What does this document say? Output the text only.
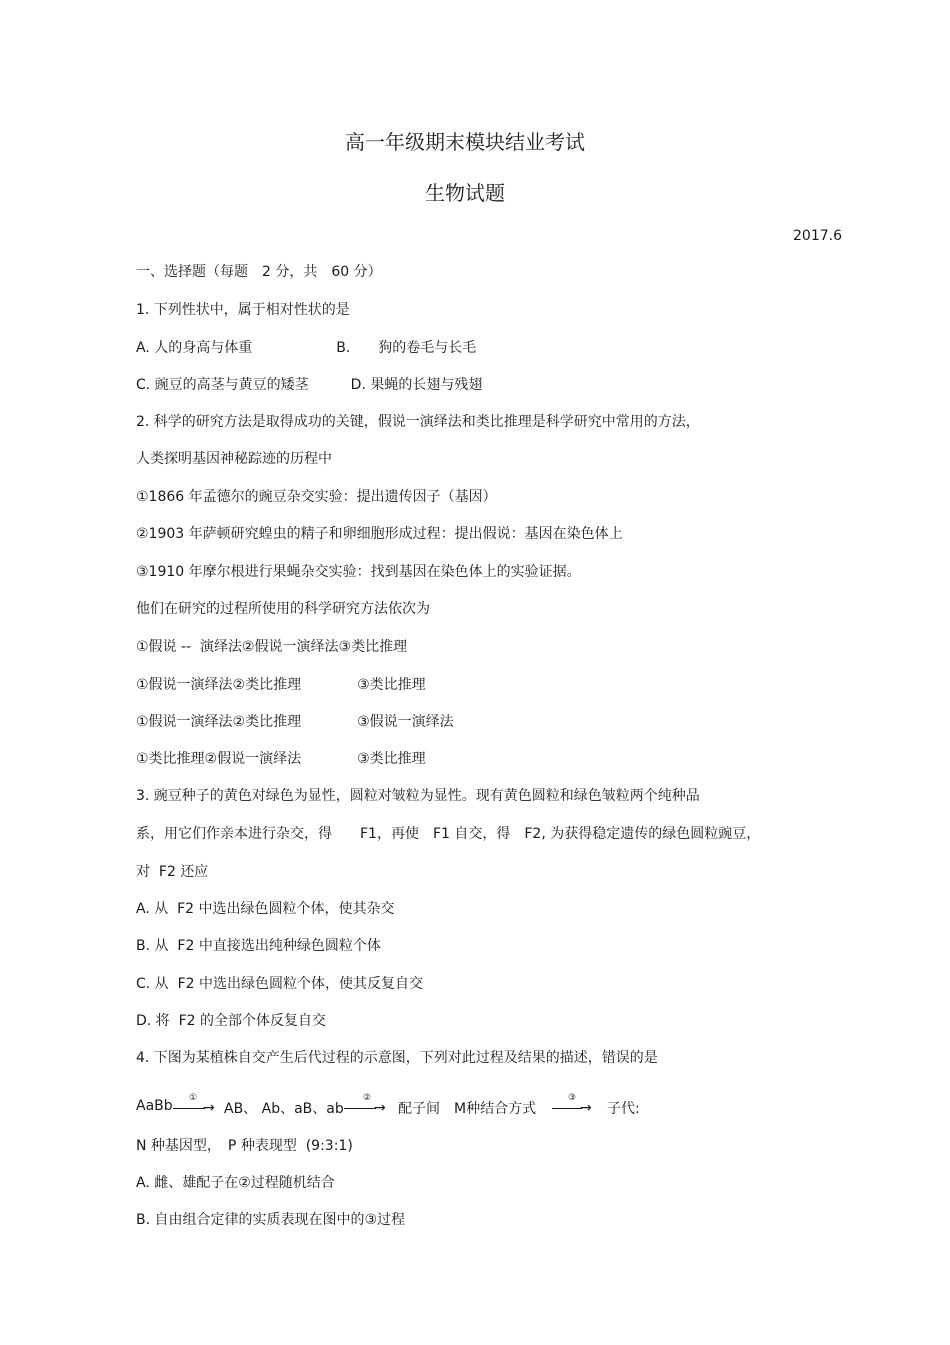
高一年级期末模块结业考试
生物试题
2017.6
一、选择题（每题　2 分，共　60 分）
1. 下列性状中，属于相对性状的是
A. 人的身高与体重　　　　　　B.　　狗的卷毛与长毛
C. 豌豆的高茎与黄豆的矮茎　　　D. 果蝇的长翅与残翅
2. 科学的研究方法是取得成功的关键，假说一演绎法和类比推理是科学研究中常用的方法，
人类探明基因神秘踪迹的历程中
①1866 年孟德尔的豌豆杂交实验：提出遗传因子（基因）
②1903 年萨顿研究蝗虫的精子和卵细胞形成过程：提出假说：基因在染色体上
③1910 年摩尔根进行果蝇杂交实验：找到基因在染色体上的实验证据。
他们在研究的过程所使用的科学研究方法依次为
①假说 --  演绎法②假说一演绎法③类比推理
①假说一演绎法②类比推理　　　　③类比推理
①假说一演绎法②类比推理　　　　③假说一演绎法
①类比推理②假说一演绎法　　　　③类比推理
3. 豌豆种子的黄色对绿色为显性，圆粒对皱粒为显性。现有黄色圆粒和绿色皱粒两个纯种品
系，用它们作亲本进行杂交，得　　F1，再使　F1 自交，得　F2, 为获得稳定遗传的绿色圆粒豌豆，
对  F2 还应
A. 从  F2 中选出绿色圆粒个体，使其杂交
B. 从  F2 中直接选出纯种绿色圆粒个体
C. 从  F2 中选出绿色圆粒个体，使其反复自交
D. 将  F2 的全部个体反复自交
4. 下图为某植株自交产生后代过程的示意图，下列对此过程及结果的描述，错误的是
AaBb	①
→ AB、 Ab、aB、ab
②
→ 配子间　M种结合方式
③
→ 子代:
N 种基因型，　P 种表现型  (9:3:1)
A. 雌、雄配子在②过程随机结合
B. 自由组合定律的实质表现在图中的③过程
